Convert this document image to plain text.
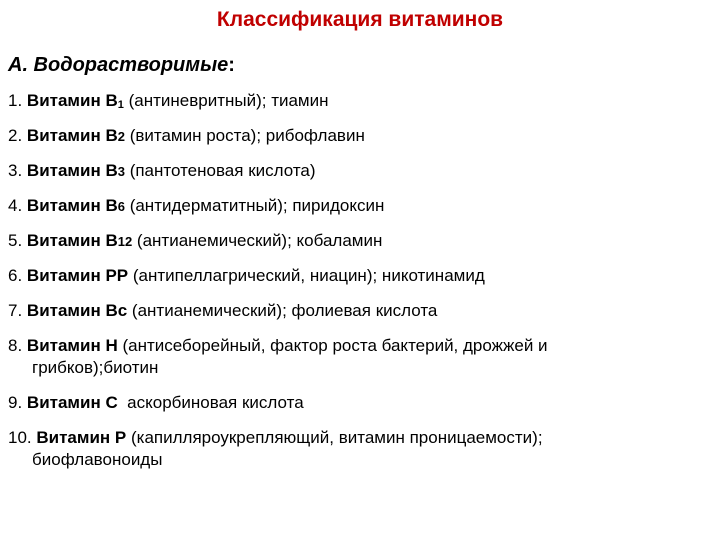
Классификация витаминов
А. Водорастворимые:
1. Витамин $В_1$ (антиневритный); тиамин
2. Витамин В2 (витамин роста); рибофлавин
3. Витамин В3 (пантотеновая кислота)
4. Витамин В6 (антидерматитный); пиридоксин
5. Витамин В12 (антианемический); кобаламин
6. Витамин РР (антипеллагрический, ниацин); никотинамид
7. Витамин Вс (антианемический); фолиевая кислота
8. Витамин Н (антисеборейный, фактор роста бактерий, дрожжей и
грибков);биотин
9. Витамин С  аскорбиновая кислота
10. Витамин Р (капилляроукрепляющий, витамин проницаемости);
биофлавоноиды
